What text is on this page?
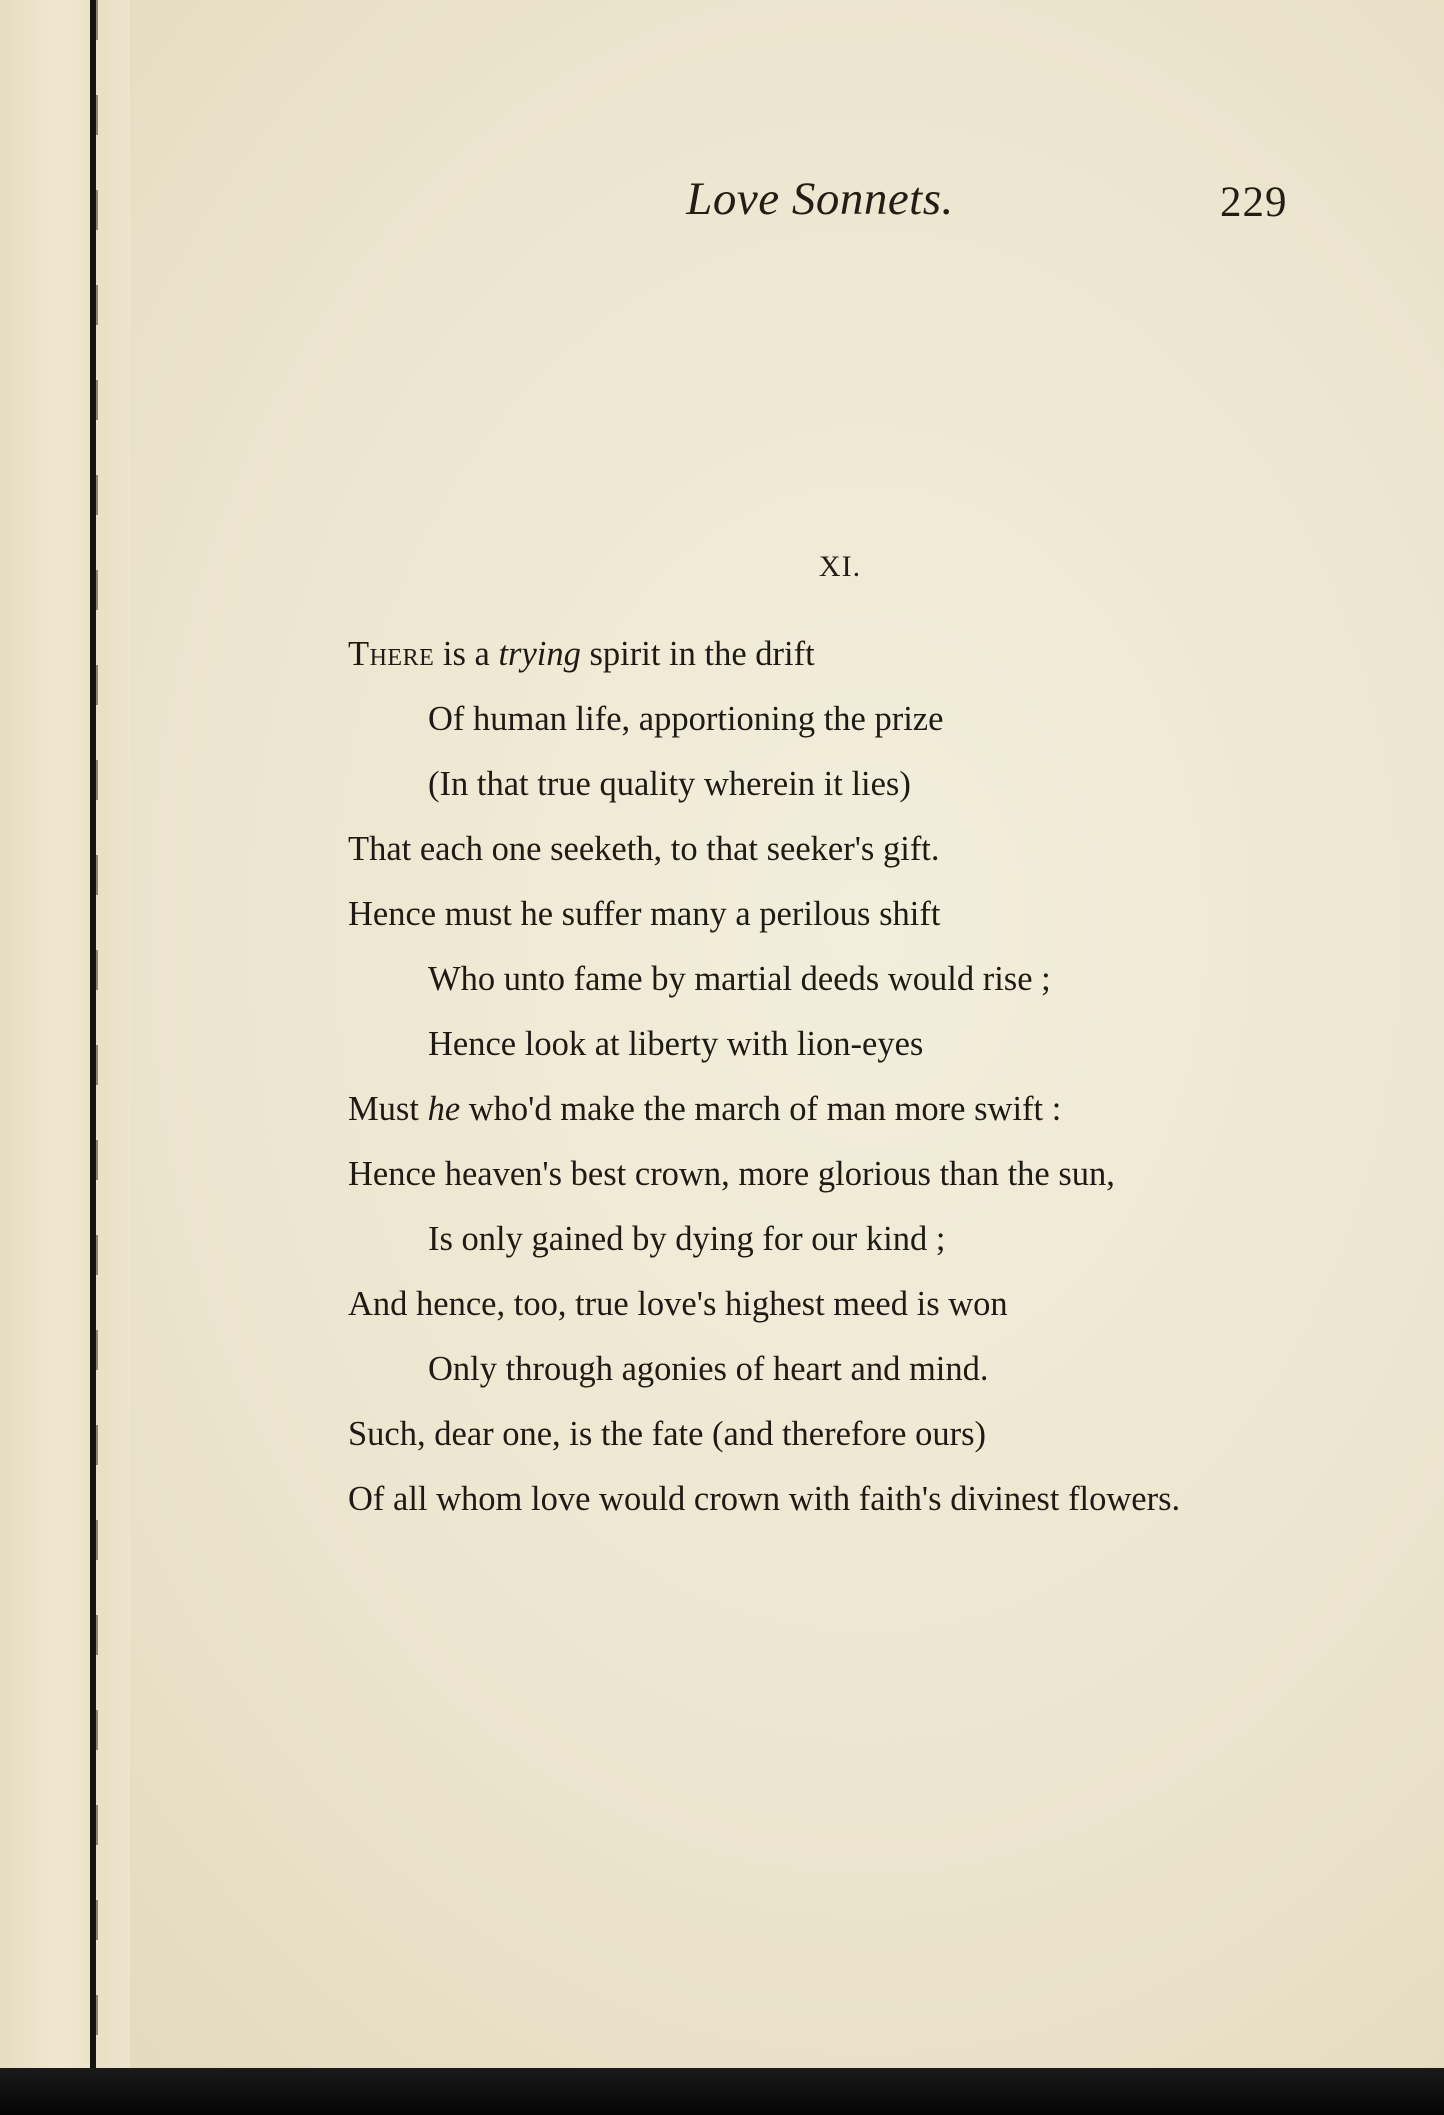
Love Sonnets.	229
XI.
There is a trying spirit in the drift
Of human life, apportioning the prize
(In that true quality wherein it lies)
That each one seeketh, to that seeker's gift.
Hence must he suffer many a perilous shift
Who unto fame by martial deeds would rise ;
Hence look at liberty with lion-eyes
Must he who'd make the march of man more swift :
Hence heaven's best crown, more glorious than the sun,
Is only gained by dying for our kind ;
And hence, too, true love's highest meed is won
Only through agonies of heart and mind.
Such, dear one, is the fate (and therefore ours)
Of all whom love would crown with faith's divinest flowers.
